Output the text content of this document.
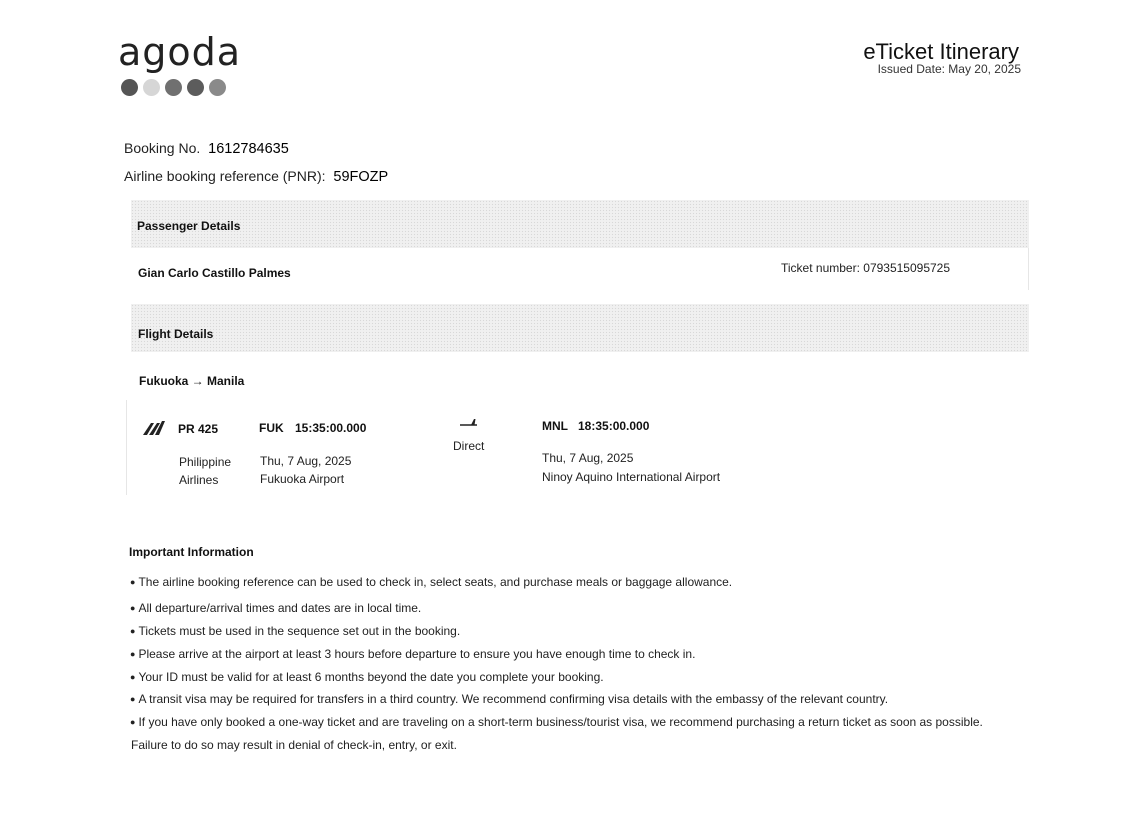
agoda	eTicket Itinerary
Issued Date: May 20, 2025
Booking No. 1612784635
Airline booking reference (PNR): 59FOZP
Passenger Details
Gian Carlo Castillo Palmes	Ticket number: 0793515095725
Flight Details
Fukuoka → Manila
PR 425
Philippine
Airlines
FUK 15:35:00.000
Thu, 7 Aug, 2025
Fukuoka Airport
Direct
MNL 18:35:00.000
Thu, 7 Aug, 2025
Ninoy Aquino International Airport
Important Information
● The airline booking reference can be used to check in, select seats, and purchase meals or baggage allowance.
● All departure/arrival times and dates are in local time.
● Tickets must be used in the sequence set out in the booking.
● Please arrive at the airport at least 3 hours before departure to ensure you have enough time to check in.
● Your ID must be valid for at least 6 months beyond the date you complete your booking.
● A transit visa may be required for transfers in a third country. We recommend confirming visa details with the embassy of the relevant country.
● If you have only booked a one-way ticket and are traveling on a short-term business/tourist visa, we recommend purchasing a return ticket as soon as possible.
Failure to do so may result in denial of check-in, entry, or exit.
